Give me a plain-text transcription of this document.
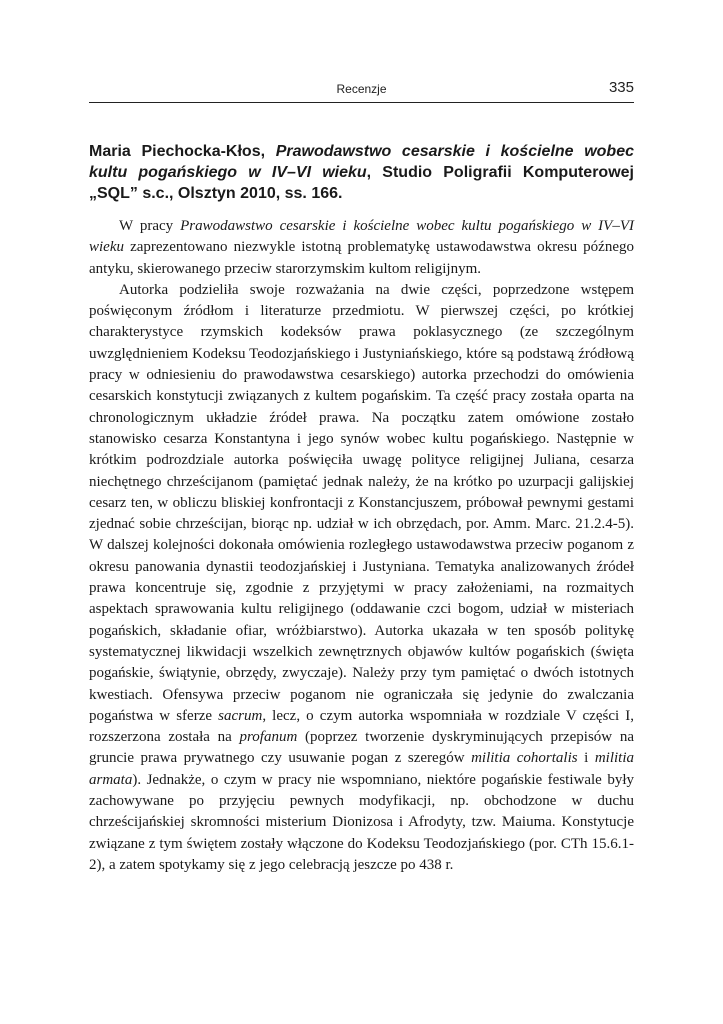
Recenzje	335
Maria Piechocka-Kłos, Prawodawstwo cesarskie i kościelne wobec kultu pogańskiego w IV–VI wieku, Studio Poligrafii Komputerowej „SQL” s.c., Olsztyn 2010, ss. 166.

W pracy Prawodawstwo cesarskie i kościelne wobec kultu pogańskiego w IV–VI wieku zaprezentowano niezwykle istotną problematykę ustawodawstwa okresu późnego antyku, skierowanego przeciw starorzymskim kultom religijnym.

Autorka podzieliła swoje rozważania na dwie części, poprzedzone wstępem poświęconym źródłom i literaturze przedmiotu. W pierwszej części, po krótkiej charakterystyce rzymskich kodeksów prawa poklasycznego (ze szczególnym uwzględnieniem Kodeksu Teodozjańskiego i Justyniańskiego, które są podstawą źródłową pracy w odniesieniu do prawodawstwa cesarskiego) autorka przechodzi do omówienia cesarskich konstytucji związanych z kultem pogańskim. Ta część pracy została oparta na chronologicznym układzie źródeł prawa. Na początku zatem omówione zostało stanowisko cesarza Konstantyna i jego synów wobec kultu pogańskiego. Następnie w krótkim podrozdziale autorka poświęciła uwagę polityce religijnej Juliana, cesarza niechętnego chrześcijanom (pamiętać jednak należy, że na krótko po uzurpacji galijskiej cesarz ten, w obliczu bliskiej konfrontacji z Konstancjuszem, próbował pewnymi gestami zjednać sobie chrześcijan, biorąc np. udział w ich obrzędach, por. Amm. Marc. 21.2.4-5). W dalszej kolejności dokonała omówienia rozległego ustawodawstwa przeciw poganom z okresu panowania dynastii teodozjańskiej i Justyniana. Tematyka analizowanych źródeł prawa koncentruje się, zgodnie z przyjętymi w pracy założeniami, na rozmaitych aspektach sprawowania kultu religijnego (oddawanie czci bogom, udział w misteriach pogańskich, składanie ofiar, wróżbiarstwo). Autorka ukazała w ten sposób politykę systematycznej likwidacji wszelkich zewnętrznych objawów kultów pogańskich (święta pogańskie, świątynie, obrzędy, zwyczaje). Należy przy tym pamiętać o dwóch istotnych kwestiach. Ofensywa przeciw poganom nie ograniczała się jedynie do zwalczania pogaństwa w sferze sacrum, lecz, o czym autorka wspomniała w rozdziale V części I, rozszerzona została na profanum (poprzez tworzenie dyskryminujących przepisów na gruncie prawa prywatnego czy usuwanie pogan z szeregów militia cohortalis i militia armata). Jednakże, o czym w pracy nie wspomniano, niektóre pogańskie festiwale były zachowywane po przyjęciu pewnych modyfikacji, np. obchodzone w duchu chrześcijańskiej skromności misterium Dionizosa i Afrodyty, tzw. Maiuma. Konstytucje związane z tym świętem zostały włączone do Kodeksu Teodozjańskiego (por. CTh 15.6.1-2), a zatem spotykamy się z jego celebracją jeszcze po 438 r.
